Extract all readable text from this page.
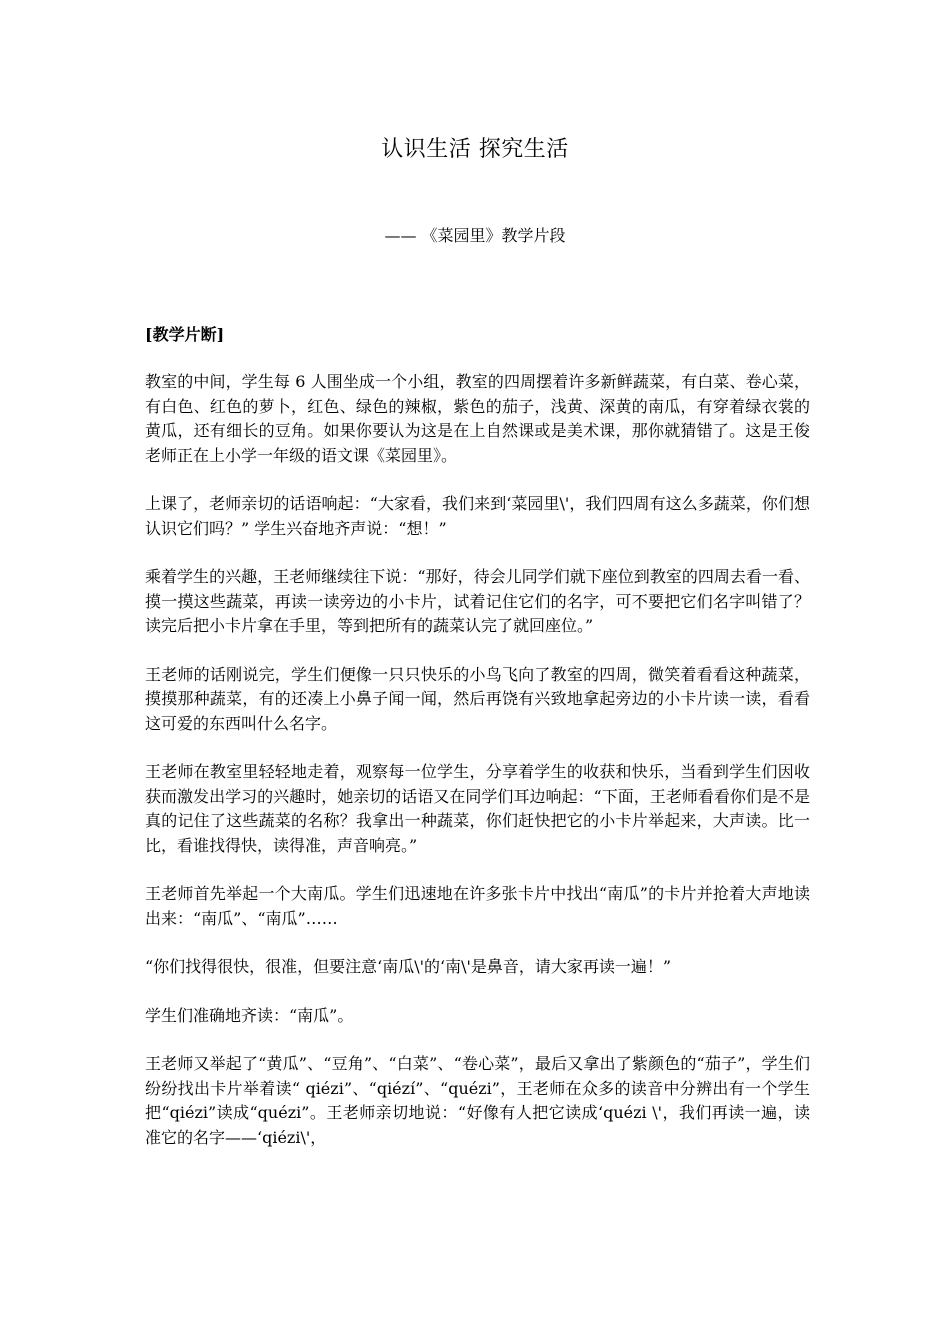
认识生活 探究生活
—— 《菜园里》教学片段
[教学片断]

教室的中间，学生每 6 人围坐成一个小组，教室的四周摆着许多新鲜蔬菜，有白菜、卷心菜，有白色、红色的萝卜，红色、绿色的辣椒，紫色的茄子，浅黄、深黄的南瓜，有穿着绿衣裳的黄瓜，还有细长的豆角。如果你要认为这是在上自然课或是美术课，那你就猜错了。这是王俊老师正在上小学一年级的语文课《菜园里》。

上课了，老师亲切的话语响起：“大家看，我们来到‘菜园里\'，我们四周有这么多蔬菜，你们想认识它们吗？” 学生兴奋地齐声说：“想！”

乘着学生的兴趣，王老师继续往下说：“那好，待会儿同学们就下座位到教室的四周去看一看、摸一摸这些蔬菜，再读一读旁边的小卡片，试着记住它们的名字，可不要把它们名字叫错了？读完后把小卡片拿在手里，等到把所有的蔬菜认完了就回座位。”

王老师的话刚说完，学生们便像一只只快乐的小鸟飞向了教室的四周，微笑着看看这种蔬菜，摸摸那种蔬菜，有的还凑上小鼻子闻一闻，然后再饶有兴致地拿起旁边的小卡片读一读，看看这可爱的东西叫什么名字。

王老师在教室里轻轻地走着，观察每一位学生，分享着学生的收获和快乐，当看到学生们因收获而激发出学习的兴趣时，她亲切的话语又在同学们耳边响起：“下面，王老师看看你们是不是真的记住了这些蔬菜的名称？我拿出一种蔬菜，你们赶快把它的小卡片举起来，大声读。比一比，看谁找得快，读得准，声音响亮。”

王老师首先举起一个大南瓜。学生们迅速地在许多张卡片中找出“南瓜”的卡片并抢着大声地读出来：“南瓜”、“南瓜”……

“你们找得很快，很准，但要注意‘南瓜\'的‘南\'是鼻音，请大家再读一遍！”

学生们准确地齐读：“南瓜”。

王老师又举起了“黄瓜”、“豆角”、“白菜”、“卷心菜”，最后又拿出了紫颜色的“茄子”，学生们纷纷找出卡片举着读“ qiézi”、“qiézí”、“quézi”，王老师在众多的读音中分辨出有一个学生把“qiézi”读成“quézi”。王老师亲切地说：“好像有人把它读成‘quézi \'，我们再读一遍，读准它的名字——‘qiézi\'，
